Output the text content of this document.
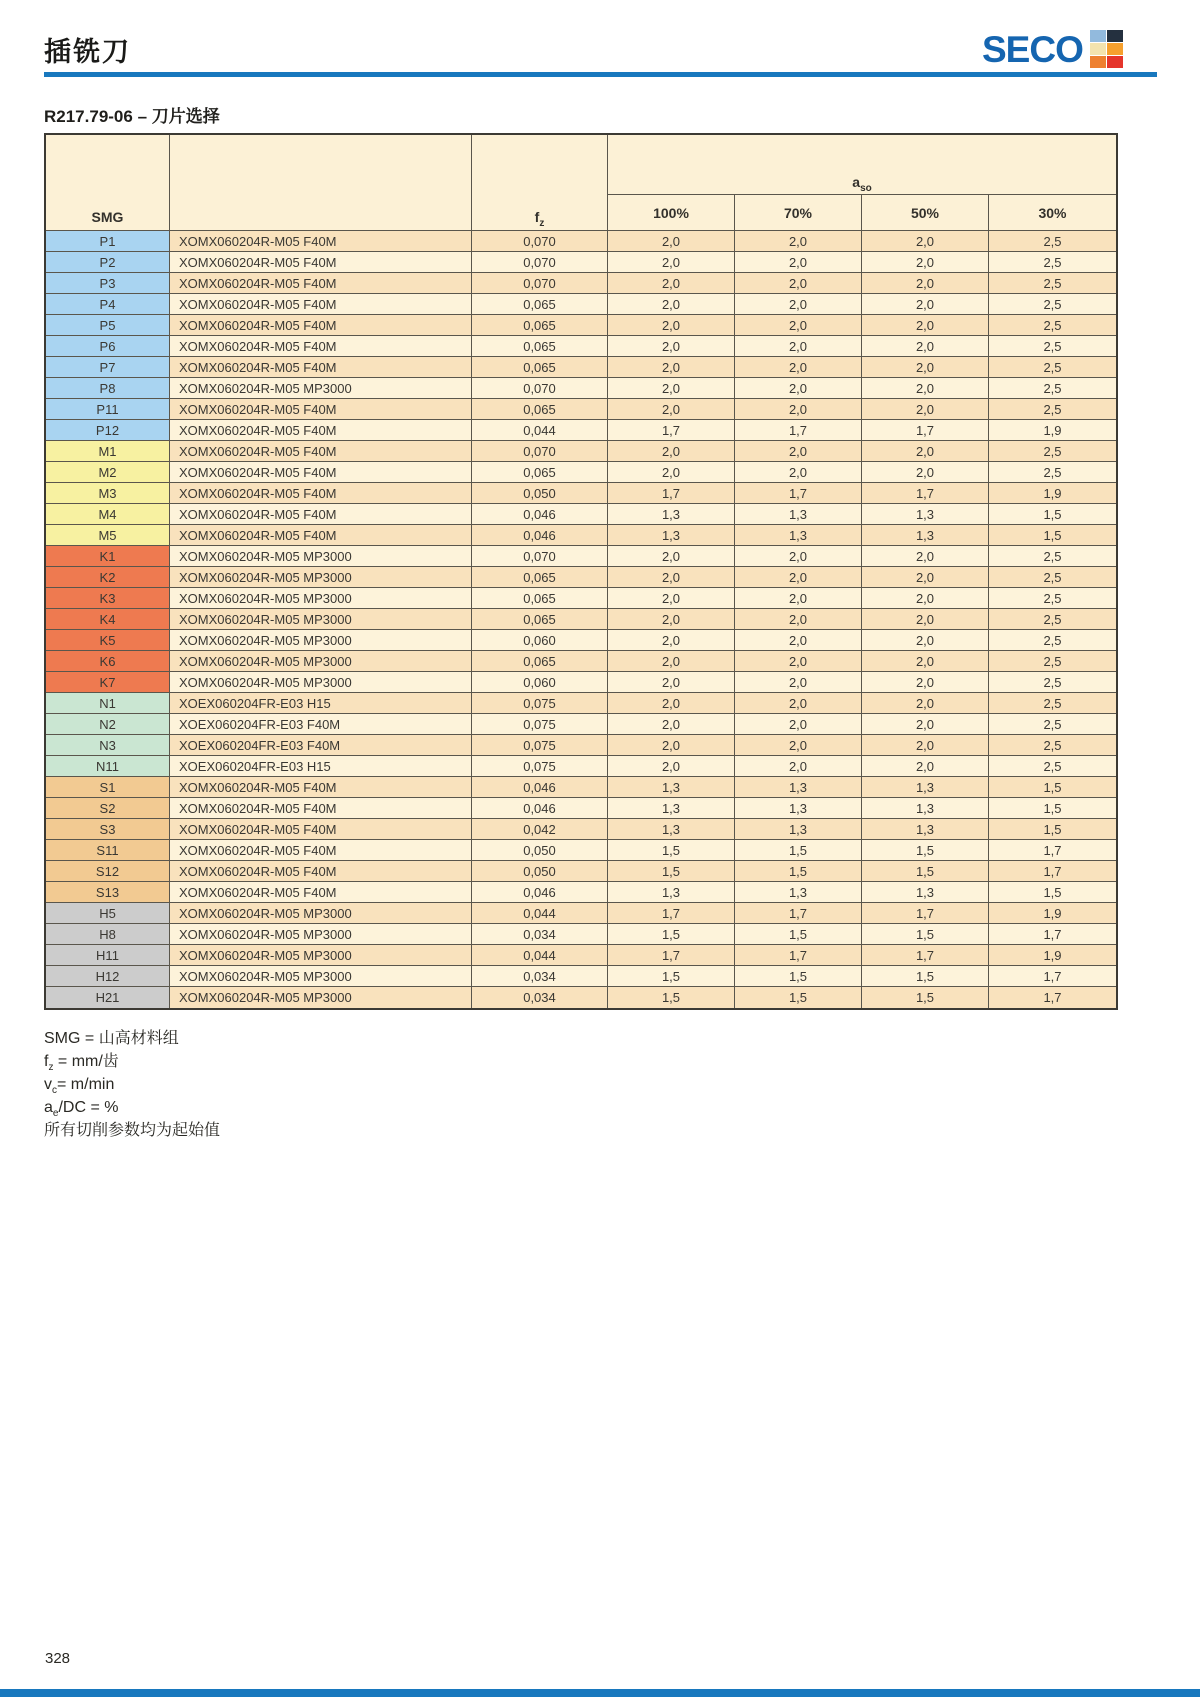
插铣刀	SECO
R217.79-06 – 刀片选择
SMG	$f_z$
$a_{so}$
100%	70%	50%	30%
P1	XOMX060204R-M05 F40M	0,070	2,0	2,0	2,0	2,5
P2	XOMX060204R-M05 F40M	0,070	2,0	2,0	2,0	2,5
P3	XOMX060204R-M05 F40M	0,070	2,0	2,0	2,0	2,5
P4	XOMX060204R-M05 F40M	0,065	2,0	2,0	2,0	2,5
P5	XOMX060204R-M05 F40M	0,065	2,0	2,0	2,0	2,5
P6	XOMX060204R-M05 F40M	0,065	2,0	2,0	2,0	2,5
P7	XOMX060204R-M05 F40M	0,065	2,0	2,0	2,0	2,5
P8	XOMX060204R-M05 MP3000	0,070	2,0	2,0	2,0	2,5
P11	XOMX060204R-M05 F40M	0,065	2,0	2,0	2,0	2,5
P12	XOMX060204R-M05 F40M	0,044	1,7	1,7	1,7	1,9
M1	XOMX060204R-M05 F40M	0,070	2,0	2,0	2,0	2,5
M2	XOMX060204R-M05 F40M	0,065	2,0	2,0	2,0	2,5
M3	XOMX060204R-M05 F40M	0,050	1,7	1,7	1,7	1,9
M4	XOMX060204R-M05 F40M	0,046	1,3	1,3	1,3	1,5
M5	XOMX060204R-M05 F40M	0,046	1,3	1,3	1,3	1,5
K1	XOMX060204R-M05 MP3000	0,070	2,0	2,0	2,0	2,5
K2	XOMX060204R-M05 MP3000	0,065	2,0	2,0	2,0	2,5
K3	XOMX060204R-M05 MP3000	0,065	2,0	2,0	2,0	2,5
K4	XOMX060204R-M05 MP3000	0,065	2,0	2,0	2,0	2,5
K5	XOMX060204R-M05 MP3000	0,060	2,0	2,0	2,0	2,5
K6	XOMX060204R-M05 MP3000	0,065	2,0	2,0	2,0	2,5
K7	XOMX060204R-M05 MP3000	0,060	2,0	2,0	2,0	2,5
N1	XOEX060204FR-E03 H15	0,075	2,0	2,0	2,0	2,5
N2	XOEX060204FR-E03 F40M	0,075	2,0	2,0	2,0	2,5
N3	XOEX060204FR-E03 F40M	0,075	2,0	2,0	2,0	2,5
N11	XOEX060204FR-E03 H15	0,075	2,0	2,0	2,0	2,5
S1	XOMX060204R-M05 F40M	0,046	1,3	1,3	1,3	1,5
S2	XOMX060204R-M05 F40M	0,046	1,3	1,3	1,3	1,5
S3	XOMX060204R-M05 F40M	0,042	1,3	1,3	1,3	1,5
S11	XOMX060204R-M05 F40M	0,050	1,5	1,5	1,5	1,7
S12	XOMX060204R-M05 F40M	0,050	1,5	1,5	1,5	1,7
S13	XOMX060204R-M05 F40M	0,046	1,3	1,3	1,3	1,5
H5	XOMX060204R-M05 MP3000	0,044	1,7	1,7	1,7	1,9
H8	XOMX060204R-M05 MP3000	0,034	1,5	1,5	1,5	1,7
H11	XOMX060204R-M05 MP3000	0,044	1,7	1,7	1,7	1,9
H12	XOMX060204R-M05 MP3000	0,034	1,5	1,5	1,5	1,7
H21	XOMX060204R-M05 MP3000	0,034	1,5	1,5	1,5	1,7
SMG = 山高材料组
$f_z = mm/$齿
$v_c= m/\min$
$a_e/DC$ = %
所有切削参数均为起始值
328
